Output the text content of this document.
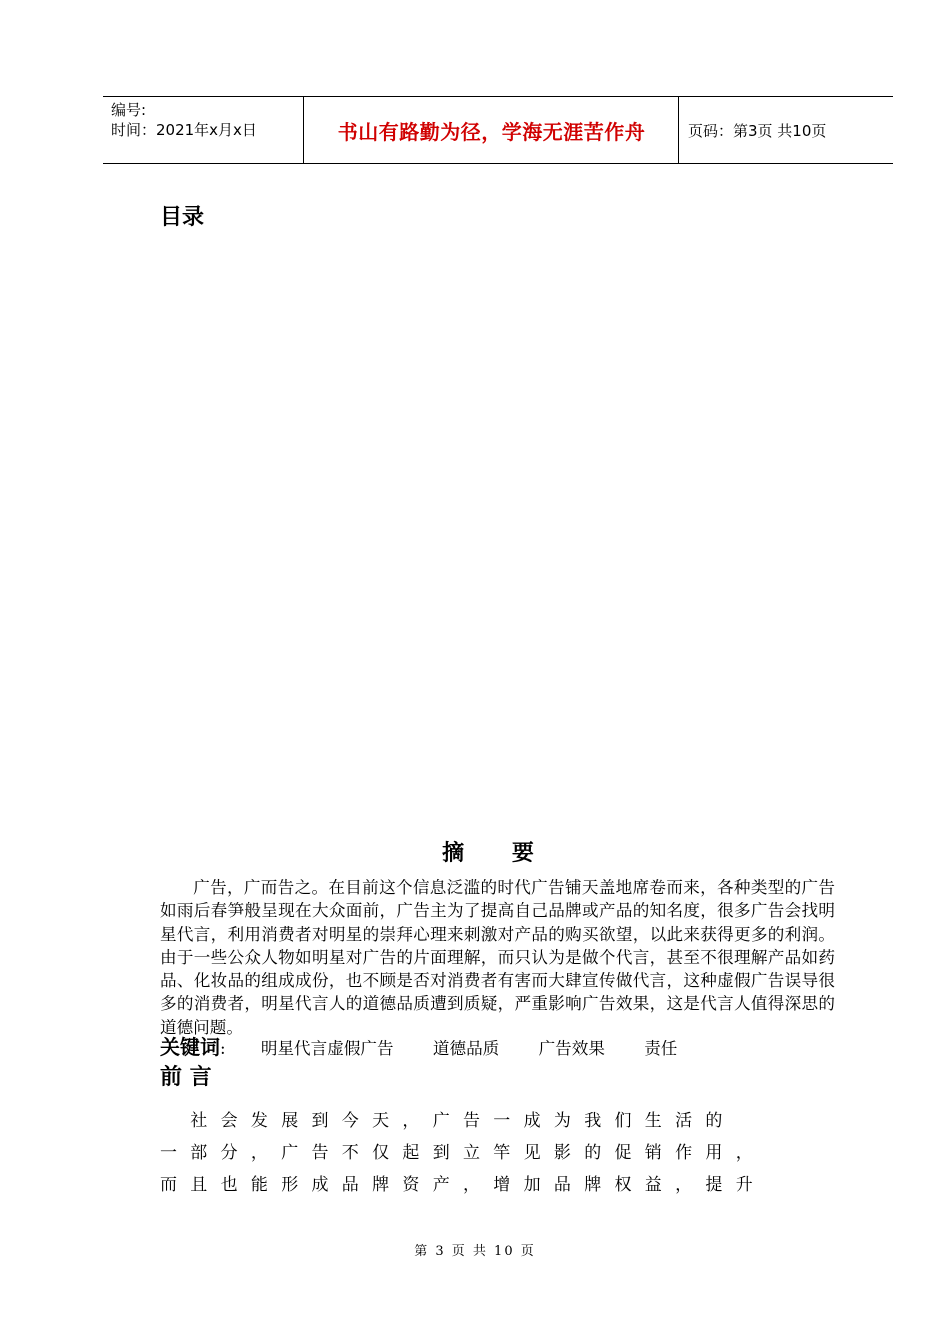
编号:
时间：2021年x月x日	书山有路勤为径，学海无涯苦作舟	页码：第3页 共10页
目录
摘 要
广告，广而告之。在目前这个信息泛滥的时代广告铺天盖地席卷而来，各种类型的广告如雨后春笋般呈现在大众面前，广告主为了提高自己品牌或产品的知名度，很多广告会找明星代言，利用消费者对明星的崇拜心理来刺激对产品的购买欲望，以此来获得更多的利润。由于一些公众人物如明星对广告的片面理解，而只认为是做个代言，甚至不很理解产品如药品、化妆品的组成成份，也不顾是否对消费者有害而大肆宣传做代言，这种虚假广告误导很多的消费者，明星代言人的道德品质遭到质疑，严重影响广告效果，这是代言人值得深思的道德问题。
关键词: 明星代言虚假广告 道德品质 广告效果 责任
前 言
　社会发展到今天，广告一成为我们生活的
一部分，广告不仅起到立竿见影的促销作用，
而且也能形成品牌资产，增加品牌权益，提升
第 3 页 共 10 页
